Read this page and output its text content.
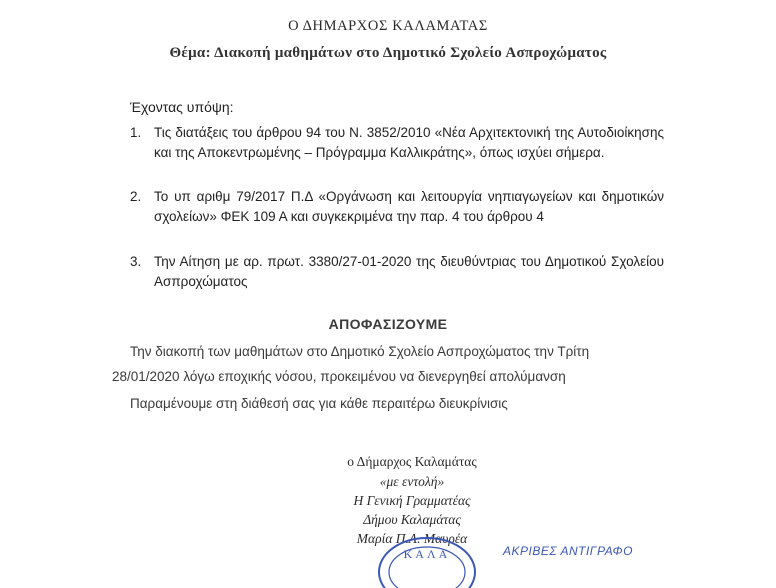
Ο ΔΗΜΑΡΧΟΣ ΚΑΛΑΜΑΤΑΣ
Θέμα: Διακοπή μαθημάτων στο Δημοτικό Σχολείο Ασπροχώματος
Έχοντας υπόψη:
1. Τις διατάξεις του άρθρου 94 του Ν. 3852/2010 «Νέα Αρχιτεκτονική της Αυτοδιοίκησης και της Αποκεντρωμένης – Πρόγραμμα Καλλικράτης», όπως ισχύει σήμερα.
2. Το υπ αριθμ 79/2017 Π.Δ «Οργάνωση και λειτουργία νηπιαγωγείων και δημοτικών σχολείων» ΦΕΚ 109 Α και συγκεκριμένα την παρ. 4 του άρθρου 4
3. Την Αίτηση με αρ. πρωτ. 3380/27-01-2020 της διευθύντριας του Δημοτικού Σχολείου Ασπροχώματος
ΑΠΟΦΑΣΙΖΟΥΜΕ
Την διακοπή των μαθημάτων στο Δημοτικό Σχολείο Ασπροχώματος την Τρίτη
28/01/2020 λόγω εποχικής νόσου, προκειμένου να διενεργηθεί απολύμανση
Παραμένουμε στη διάθεσή σας για κάθε περαιτέρω διευκρίνισις
ο Δήμαρχος Καλαμάτας
«με εντολή»
Η Γενική Γραμματέας
Δήμου Καλαμάτας
Μαρία Π.Λ. Μαυρέα
ΚΑΛΑ	ΑΚΡΙΒΕΣ ΑΝΤΙΓΡΑΦΟ
